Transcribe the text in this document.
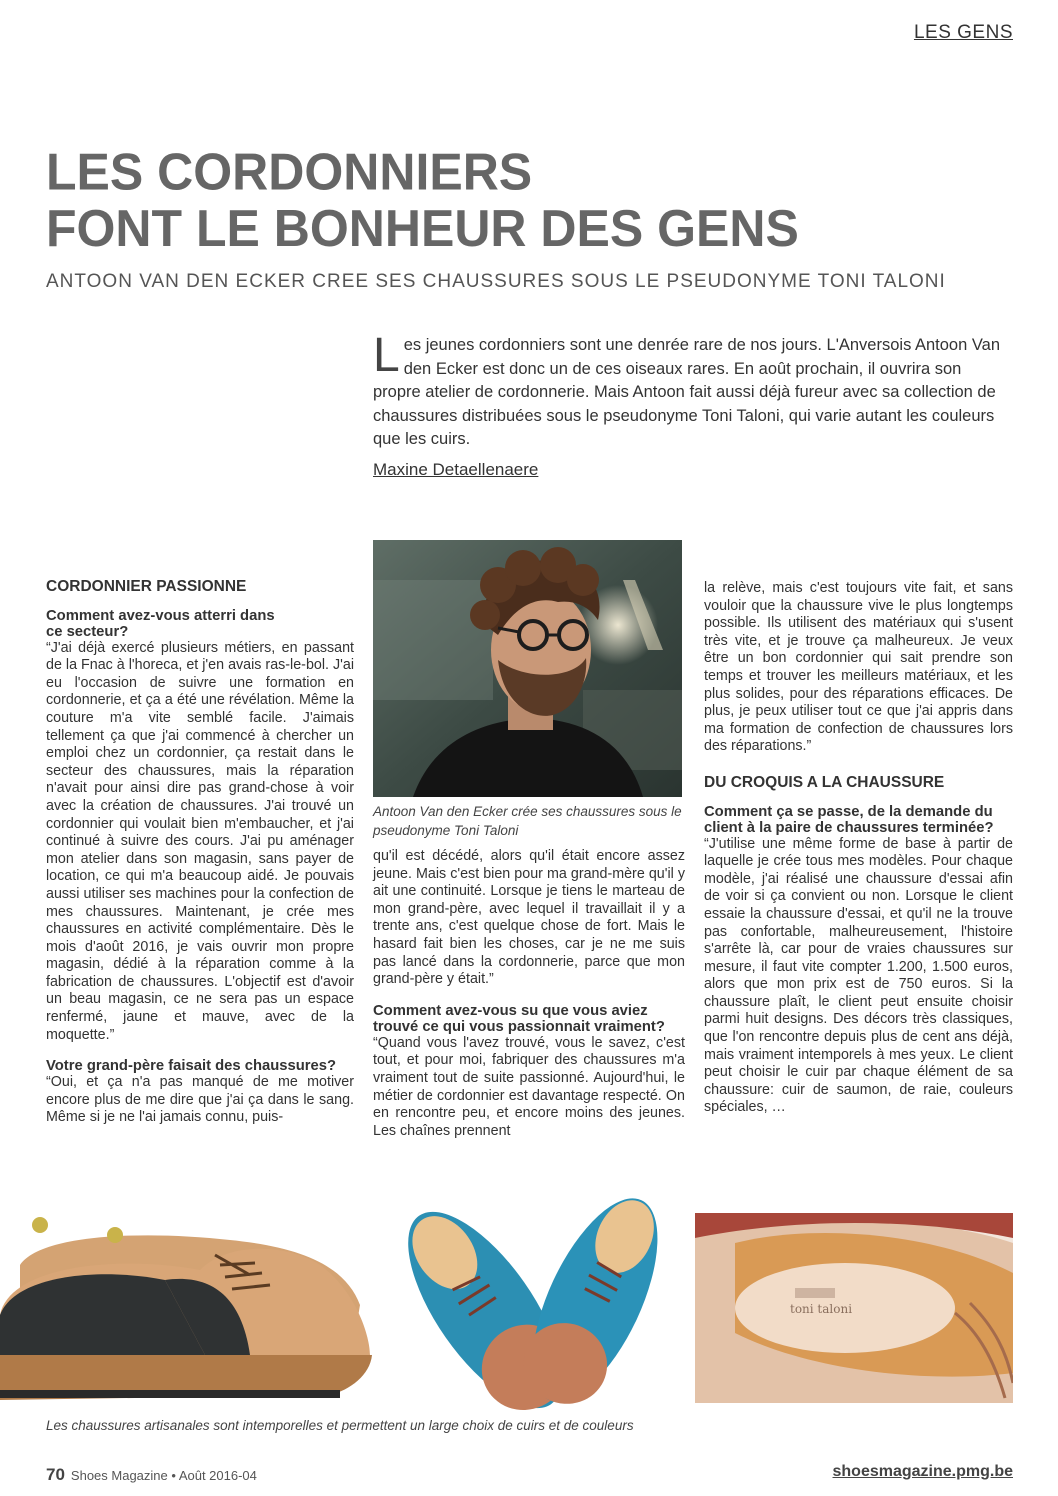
LES GENS
LES CORDONNIERS
FONT LE BONHEUR DES GENS
ANTOON VAN DEN ECKER CREE SES CHAUSSURES SOUS LE PSEUDONYME TONI TALONI
Les jeunes cordonniers sont une denrée rare de nos jours. L'Anversois Antoon Van den Ecker est donc un de ces oiseaux rares. En août prochain, il ouvrira son propre atelier de cordonnerie. Mais Antoon fait aussi déjà fureur avec sa collection de chaussures distribuées sous le pseudonyme Toni Taloni, qui varie autant les couleurs que les cuirs.
Maxine Detaellenaere
CORDONNIER PASSIONNE
Comment avez-vous atterri dans ce secteur?

“J'ai déjà exercé plusieurs métiers, en passant de la Fnac à l'horeca, et j'en avais ras-le-bol. J'ai eu l'occasion de suivre une formation en cordonnerie, et ça a été une révélation. Même la couture m'a vite semblé facile. J'aimais tellement ça que j'ai commencé à chercher un emploi chez un cordonnier, ça restait dans le secteur des chaussures, mais la réparation n'avait pour ainsi dire pas grand-chose à voir avec la création de chaussures. J'ai trouvé un cordonnier qui voulait bien m'embaucher, et j'ai continué à suivre des cours. J'ai pu aménager mon atelier dans son magasin, sans payer de location, ce qui m'a beaucoup aidé. Je pouvais aussi utiliser ses machines pour la confection de mes chaussures. Maintenant, je crée mes chaussures en activité complémentaire. Dès le mois d'août 2016, je vais ouvrir mon propre magasin, dédié à la réparation comme à la fabrication de chaussures. L'objectif est d'avoir un beau magasin, ce ne sera pas un espace renfermé, jaune et mauve, avec de la moquette.”

Votre grand-père faisait des chaussures?

“Oui, et ça n'a pas manqué de me motiver encore plus de me dire que j'ai ça dans le sang. Même si je ne l'ai jamais connu, puis-

Antoon Van den Ecker crée ses chaussures sous le pseudonyme Toni Taloni

qu'il est décédé, alors qu'il était encore assez jeune. Mais c'est bien pour ma grand-mère qu'il y ait une continuité. Lorsque je tiens le marteau de mon grand-père, avec lequel il travaillait il y a trente ans, c'est quelque chose de fort. Mais le hasard fait bien les choses, car je ne me suis pas lancé dans la cordonnerie, parce que mon grand-père y était.”

Comment avez-vous su que vous aviez trouvé ce qui vous passionnait vraiment?

“Quand vous l'avez trouvé, vous le savez, c'est tout, et pour moi, fabriquer des chaussures m'a vraiment tout de suite passionné. Aujourd'hui, le métier de cordonnier est davantage respecté. On en rencontre peu, et encore moins des jeunes. Les chaînes prennent

la relève, mais c'est toujours vite fait, et sans vouloir que la chaussure vive le plus longtemps possible. Ils utilisent des matériaux qui s'usent très vite, et je trouve ça malheureux. Je veux être un bon cordonnier qui sait prendre son temps et trouver les meilleurs matériaux, et les plus solides, pour des réparations efficaces. De plus, je peux utiliser tout ce que j'ai appris dans ma formation de confection de chaussures lors des réparations.”

DU CROQUIS A LA CHAUSSURE
Comment ça se passe, de la demande du client à la paire de chaussures terminée?

“J'utilise une même forme de base à partir de laquelle je crée tous mes modèles. Pour chaque modèle, j'ai réalisé une chaussure d'essai afin de voir si ça convient ou non. Lorsque le client essaie la chaussure d'essai, et qu'il ne la trouve pas confortable, malheureusement, l'histoire s'arrête là, car pour de vraies chaussures sur mesure, il faut vite compter 1.200, 1.500 euros, alors que mon prix est de 750 euros. Si la chaussure plaît, le client peut ensuite choisir parmi huit designs. Des décors très classiques, que l'on rencontre depuis plus de cent ans déjà, mais vraiment intemporels à mes yeux. Le client peut choisir le cuir par chaque élément de sa chaussure: cuir de saumon, de raie, couleurs spéciales, …

toni taloni
Les chaussures artisanales sont intemporelles et permettent un large choix de cuirs et de couleurs
70 Shoes Magazine • Août 2016-04	shoesmagazine.pmg.be
